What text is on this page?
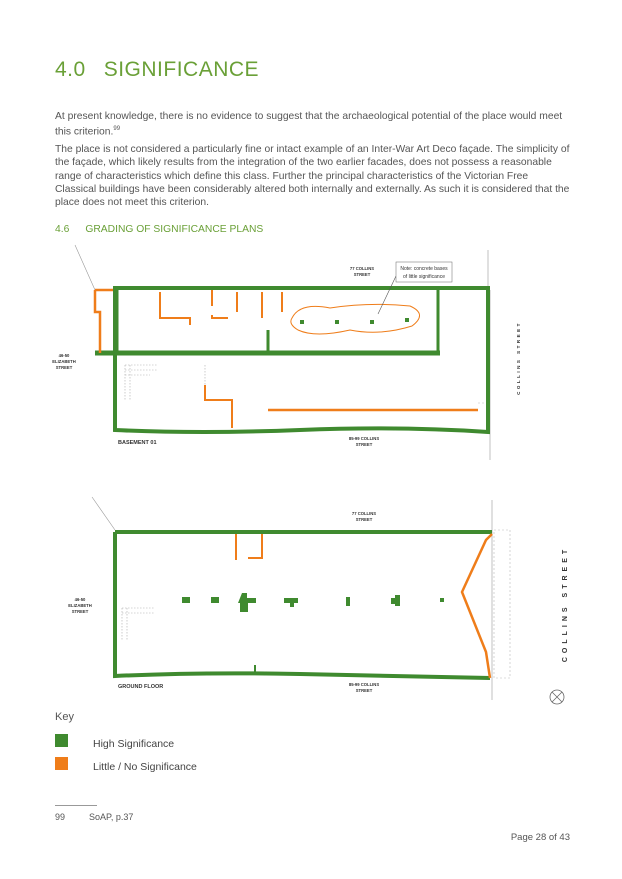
4.0 SIGNIFICANCE
At present knowledge, there is no evidence to suggest that the archaeological potential of the place would meet this criterion.$^{99}$
The place is not considered a particularly fine or intact example of an Inter-War Art Deco façade. The simplicity of the façade, which likely results from the integration of the two earlier facades, does not possess a reasonable range of characteristics which define this class. Further the principal characteristics of the Victorian Free Classical buildings have been considerably altered both internally and externally. As such it is considered that the place does not meet this criterion.
4.6 GRADING OF SIGNIFICANCE PLANS
Note: concrete bases
of little significance
77 COLLINS
STREET
46-50
ELIZABETH
STREET	COLLINS STREET
BASEMENT 01
85-99 COLLINS
STREET
77 COLLINS
STREET
46-50
ELIZABETH
STREET	COLLINS STREET
GROUND FLOOR	85-99 COLLINS
STREET
Key
High Significance
Little / No Significance
99	SoAP, p.37
Page 28 of 43
